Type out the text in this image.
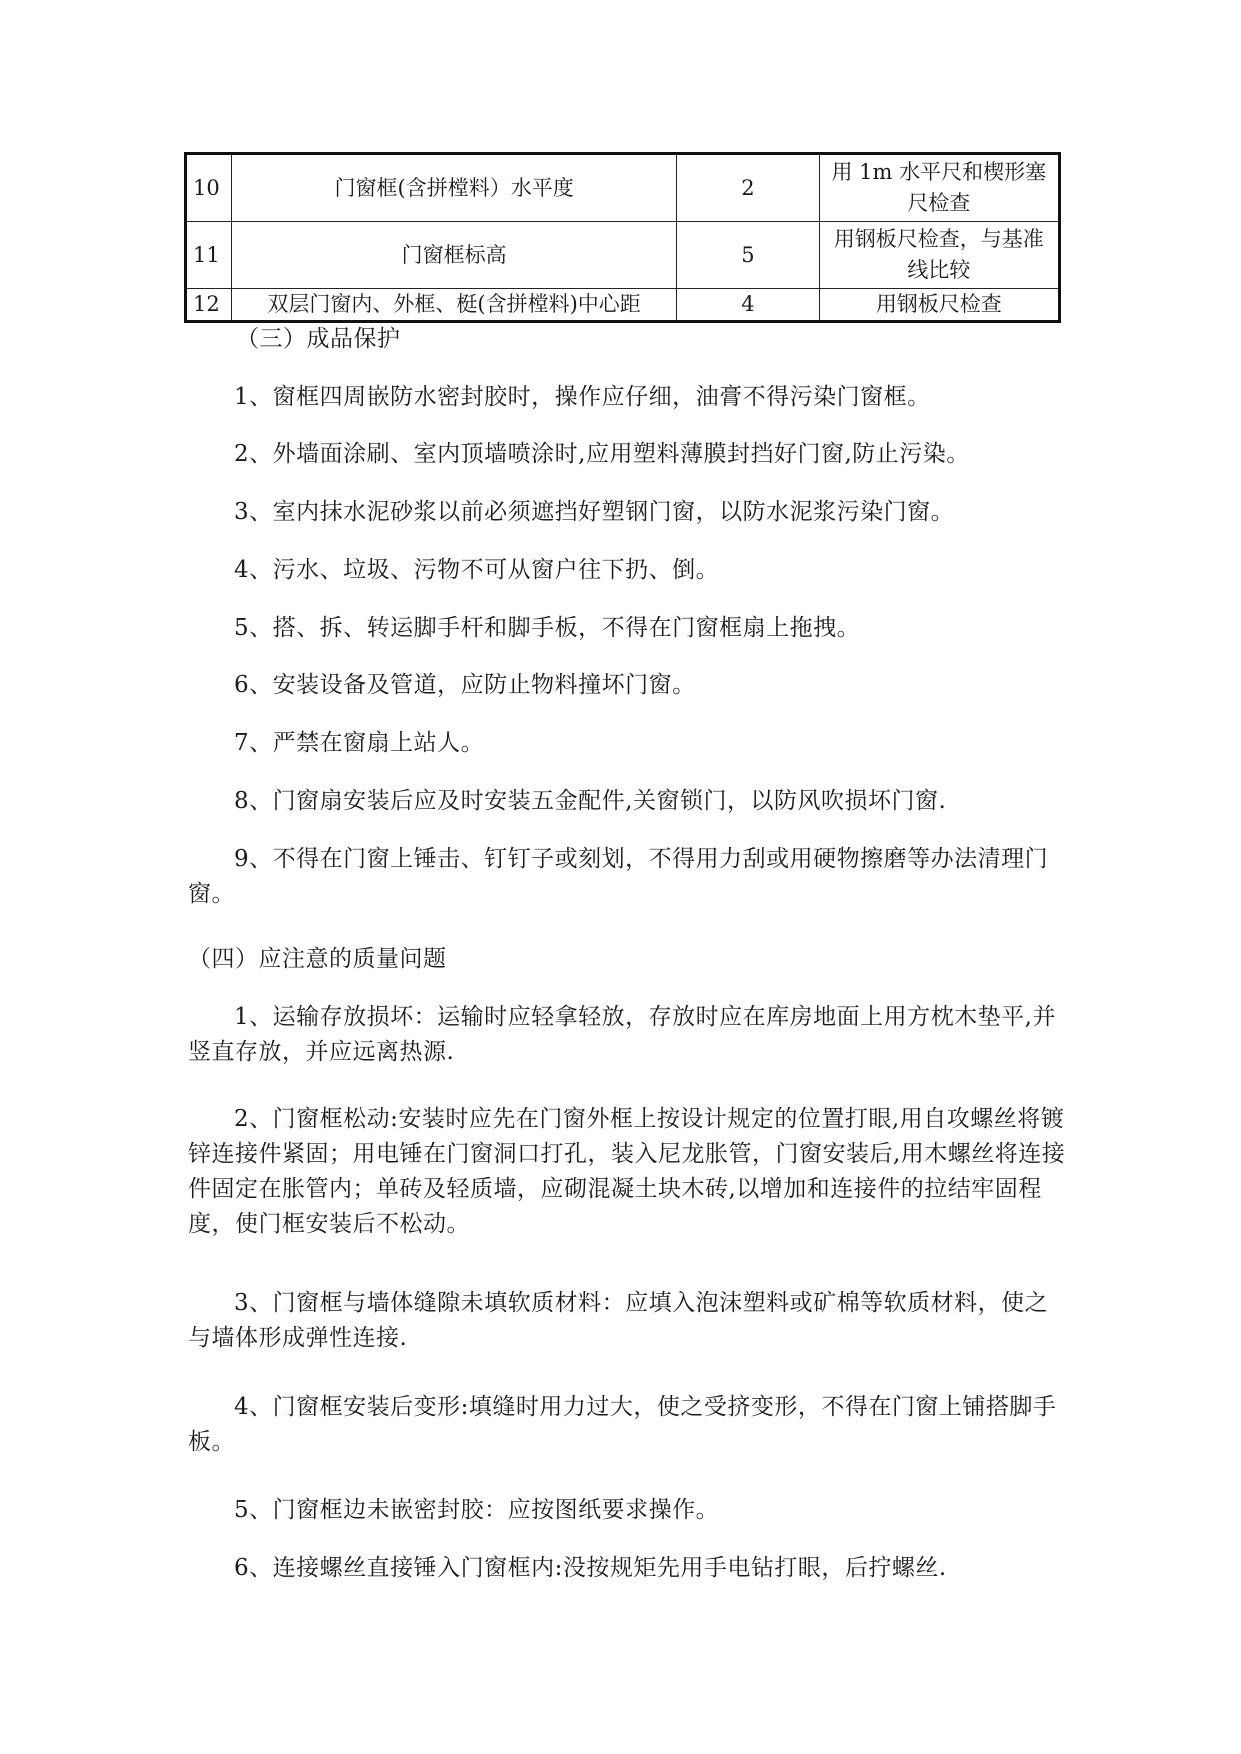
10	门窗框(含拼樘料）水平度	2	用 1m 水平尺和楔形塞尺检查
11	门窗框标高	5	用钢板尺检查，与基准线比较
12	双层门窗内、外框、梃(含拼樘料)中心距	4	用钢板尺检查
（三）成品保护
1、窗框四周嵌防水密封胶时，操作应仔细，油膏不得污染门窗框。
2、外墙面涂刷、室内顶墙喷涂时,应用塑料薄膜封挡好门窗,防止污染。
3、室内抹水泥砂浆以前必须遮挡好塑钢门窗，以防水泥浆污染门窗。
4、污水、垃圾、污物不可从窗户往下扔、倒。
5、搭、拆、转运脚手杆和脚手板，不得在门窗框扇上拖拽。
6、安装设备及管道，应防止物料撞坏门窗。
7、严禁在窗扇上站人。
8、门窗扇安装后应及时安装五金配件,关窗锁门，以防风吹损坏门窗.
9、不得在门窗上锤击、钉钉子或刻划，不得用力刮或用硬物擦磨等办法清理门窗。
（四）应注意的质量问题
1、运输存放损坏：运输时应轻拿轻放，存放时应在库房地面上用方枕木垫平,并竖直存放，并应远离热源.
2、门窗框松动:安装时应先在门窗外框上按设计规定的位置打眼,用自攻螺丝将镀锌连接件紧固；用电锤在门窗洞口打孔，装入尼龙胀管，门窗安装后,用木螺丝将连接件固定在胀管内；单砖及轻质墙，应砌混凝土块木砖,以增加和连接件的拉结牢固程度，使门框安装后不松动。
3、门窗框与墙体缝隙未填软质材料：应填入泡沫塑料或矿棉等软质材料，使之与墙体形成弹性连接.
4、门窗框安装后变形:填缝时用力过大，使之受挤变形，不得在门窗上铺搭脚手板。
5、门窗框边未嵌密封胶：应按图纸要求操作。
6、连接螺丝直接锤入门窗框内:没按规矩先用手电钻打眼，后拧螺丝.
